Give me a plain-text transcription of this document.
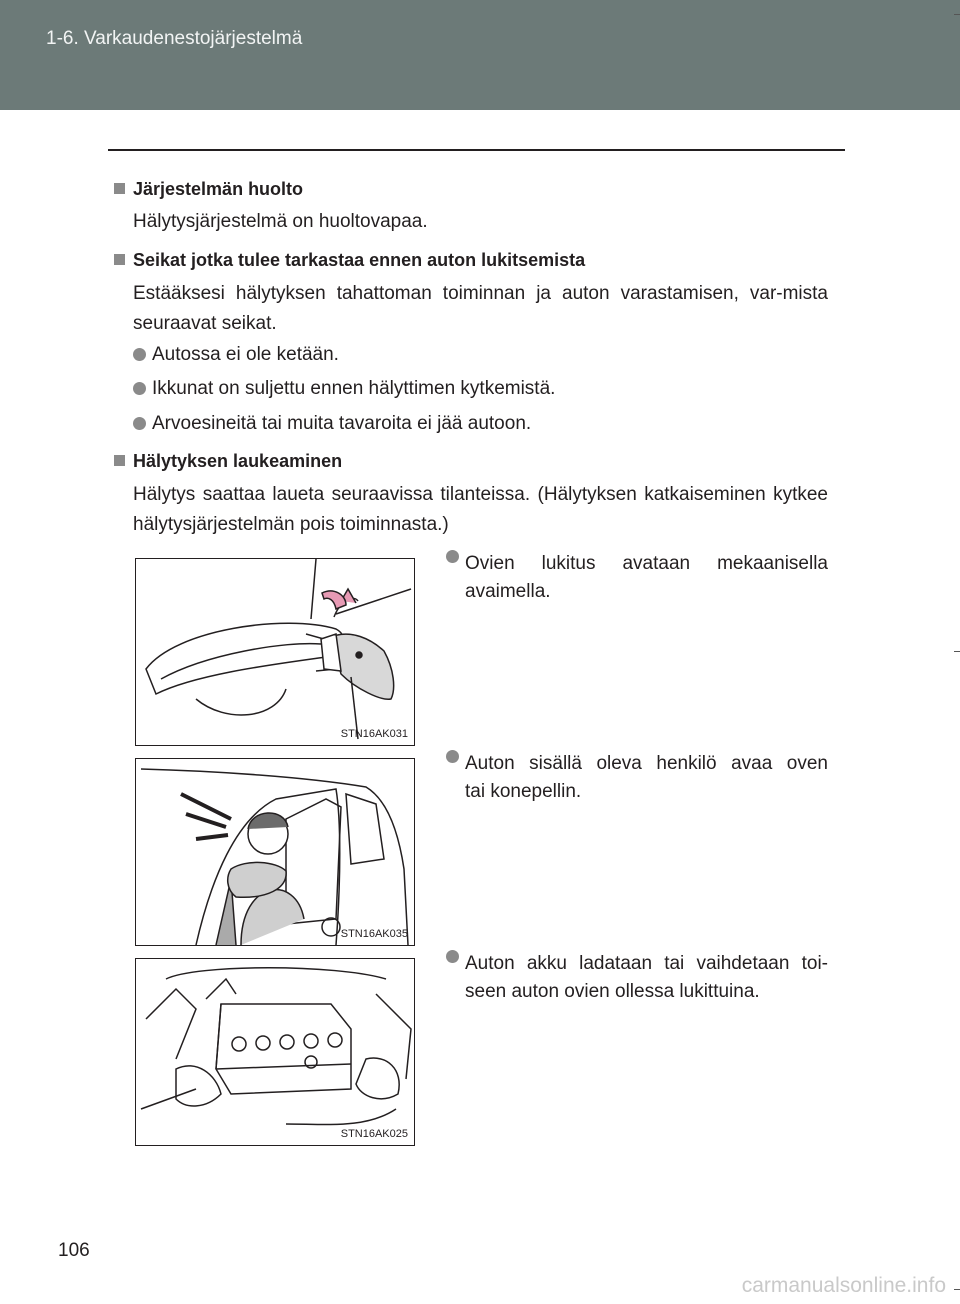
1-6. Varkaudenestojärjestelmä
Järjestelmän huolto
Hälytysjärjestelmä on huoltovapaa.
Seikat jotka tulee tarkastaa ennen auton lukitsemista
Estääksesi hälytyksen tahattoman toiminnan ja auton varastamisen, var-mista seuraavat seikat.
Autossa ei ole ketään.
Ikkunat on suljettu ennen hälyttimen kytkemistä.
Arvoesineitä tai muita tavaroita ei jää autoon.
Hälytyksen laukeaminen
Hälytys saattaa laueta seuraavissa tilanteissa. (Hälytyksen katkaiseminen kytkee hälytysjärjestelmän pois toiminnasta.)
STN16AK031
Ovien lukitus avataan mekaanisella
avaimella.
STN16AK035
Auton sisällä oleva henkilö avaa oven
tai konepellin.
STN16AK025
Auton akku ladataan tai vaihdetaan toi-
seen auton ovien ollessa lukittuina.
106
carmanualsonline.info
